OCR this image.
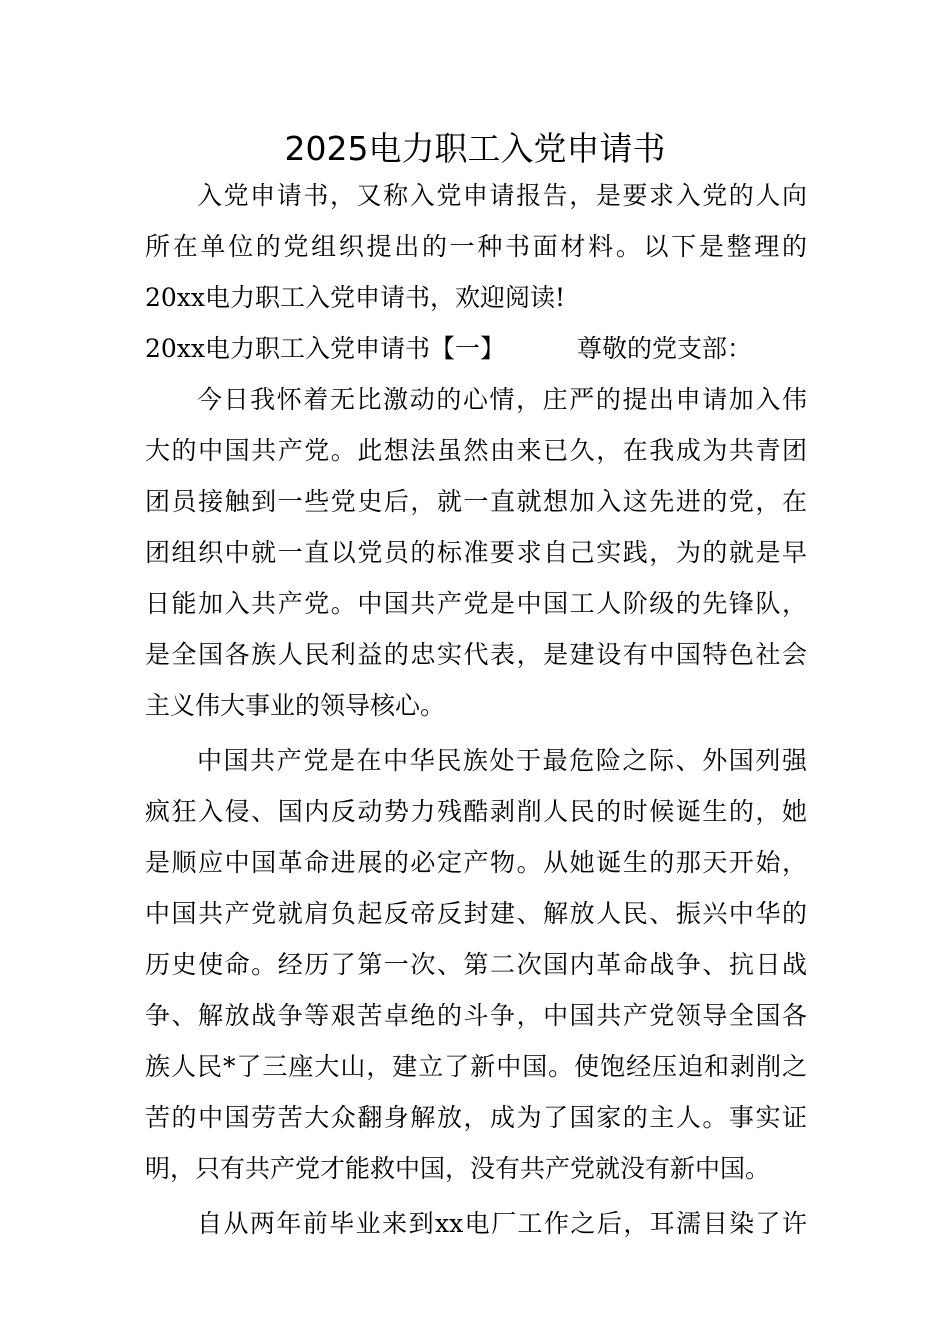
2025电力职工入党申请书
入党申请书，又称入党申请报告，是要求入党的人向
所在单位的党组织提出的一种书面材料。以下是整理的
20xx电力职工入党申请书，欢迎阅读!
20xx电力职工入党申请书【一】	尊敬的党支部：
今日我怀着无比激动的心情，庄严的提出申请加入伟
大的中国共产党。此想法虽然由来已久，在我成为共青团
团员接触到一些党史后，就一直就想加入这先进的党，在
团组织中就一直以党员的标准要求自己实践，为的就是早
日能加入共产党。中国共产党是中国工人阶级的先锋队，
是全国各族人民利益的忠实代表，是建设有中国特色社会
主义伟大事业的领导核心。
中国共产党是在中华民族处于最危险之际、外国列强
疯狂入侵、国内反动势力残酷剥削人民的时候诞生的，她
是顺应中国革命进展的必定产物。从她诞生的那天开始，
中国共产党就肩负起反帝反封建、解放人民、振兴中华的
历史使命。经历了第一次、第二次国内革命战争、抗日战
争、解放战争等艰苦卓绝的斗争，中国共产党领导全国各
族人民*了三座大山，建立了新中国。使饱经压迫和剥削之
苦的中国劳苦大众翻身解放，成为了国家的主人。事实证
明，只有共产党才能救中国，没有共产党就没有新中国。
自从两年前毕业来到xx电厂工作之后，耳濡目染了许
